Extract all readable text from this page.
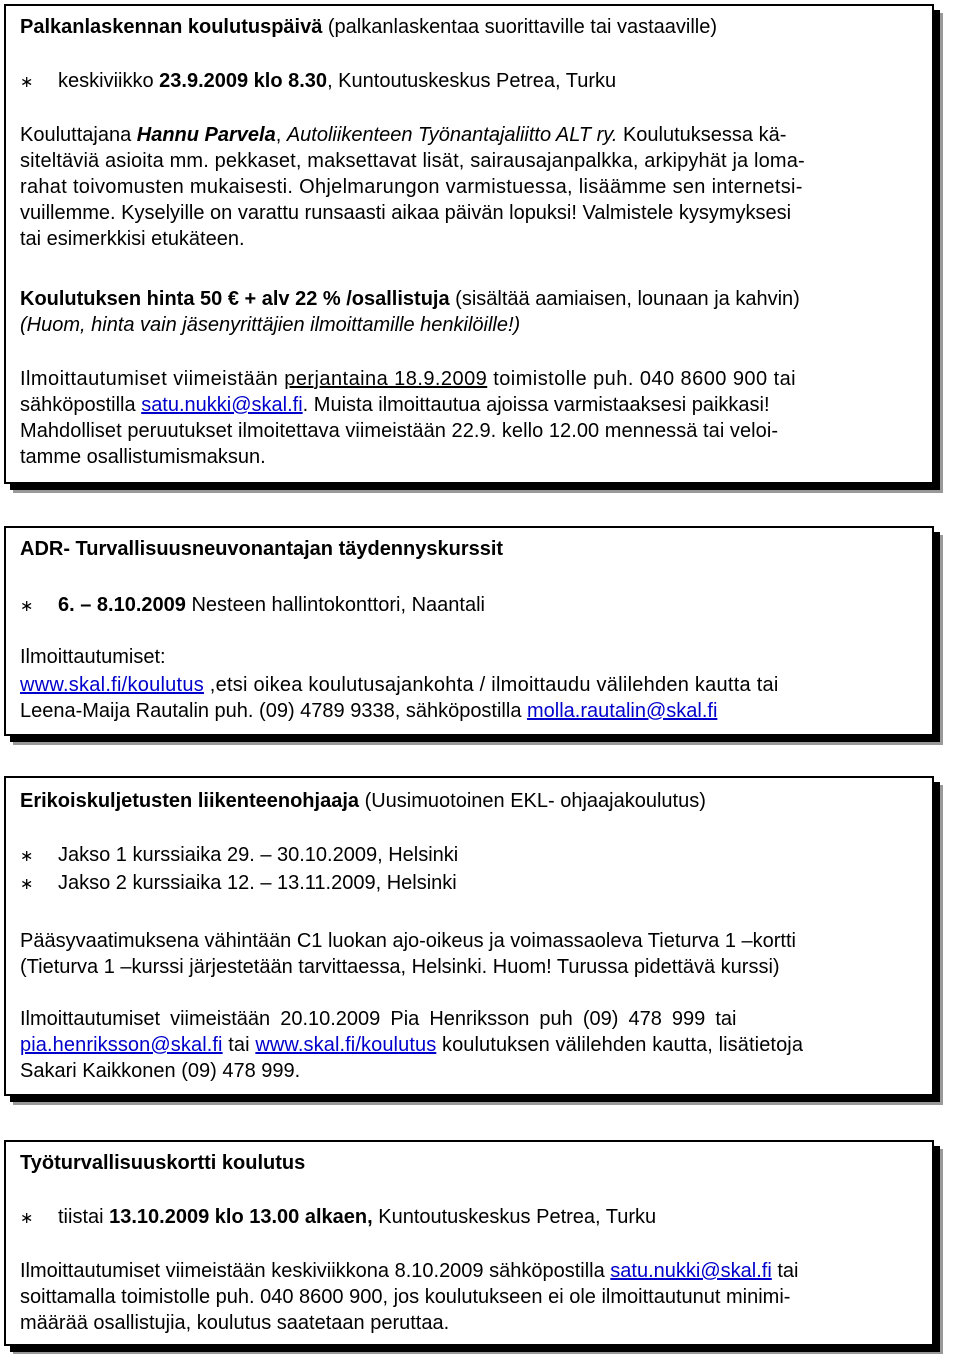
Palkanlaskennan koulutuspäivä (palkanlaskentaa suorittaville tai vastaaville)
∗ keskiviikko 23.9.2009 klo 8.30, Kuntoutuskeskus Petrea, Turku
Kouluttajana Hannu Parvela, Autoliikenteen Työnantajaliitto ALT ry. Koulutuksessa kä-
siteltäviä asioita mm. pekkaset, maksettavat lisät, sairausajanpalkka, arkipyhät ja loma-
rahat toivomusten mukaisesti. Ohjelmarungon varmistuessa, lisäämme sen internetsi-
vuillemme. Kyselyille on varattu runsaasti aikaa päivän lopuksi! Valmistele kysymyksesi
tai esimerkkisi etukäteen.
Koulutuksen hinta 50 € + alv 22 % /osallistuja (sisältää aamiaisen, lounaan ja kahvin)
(Huom, hinta vain jäsenyrittäjien ilmoittamille henkilöille!)
Ilmoittautumiset viimeistään perjantaina 18.9.2009 toimistolle puh. 040 8600 900 tai
sähköpostilla satu.nukki@skal.fi. Muista ilmoittautua ajoissa varmistaaksesi paikkasi!
Mahdolliset peruutukset ilmoitettava viimeistään 22.9. kello 12.00 mennessä tai veloi-
tamme osallistumismaksun.
ADR- Turvallisuusneuvonantajan täydennyskurssit
∗ 6. – 8.10.2009 Nesteen hallintokonttori, Naantali
Ilmoittautumiset:
www.skal.fi/koulutus ,etsi oikea koulutusajankohta / ilmoittaudu välilehden kautta tai
Leena-Maija Rautalin puh. (09) 4789 9338, sähköpostilla molla.rautalin@skal.fi
Erikoiskuljetusten liikenteenohjaaja (Uusimuotoinen EKL- ohjaajakoulutus)
∗ Jakso 1 kurssiaika 29. – 30.10.2009, Helsinki
∗ Jakso 2 kurssiaika 12. – 13.11.2009, Helsinki
Pääsyvaatimuksena vähintään C1 luokan ajo-oikeus ja voimassaoleva Tieturva 1 –kortti
(Tieturva 1 –kurssi järjestetään tarvittaessa, Helsinki. Huom! Turussa pidettävä kurssi)
Ilmoittautumiset viimeistään 20.10.2009 Pia Henriksson puh (09) 478 999 tai
pia.henriksson@skal.fi tai www.skal.fi/koulutus koulutuksen välilehden kautta, lisätietoja
Sakari Kaikkonen (09) 478 999.
Työturvallisuuskortti koulutus
∗ tiistai 13.10.2009 klo 13.00 alkaen, Kuntoutuskeskus Petrea, Turku
Ilmoittautumiset viimeistään keskiviikkona 8.10.2009 sähköpostilla satu.nukki@skal.fi tai
soittamalla toimistolle puh. 040 8600 900, jos koulutukseen ei ole ilmoittautunut minimi-
määrää osallistujia, koulutus saatetaan peruttaa.
